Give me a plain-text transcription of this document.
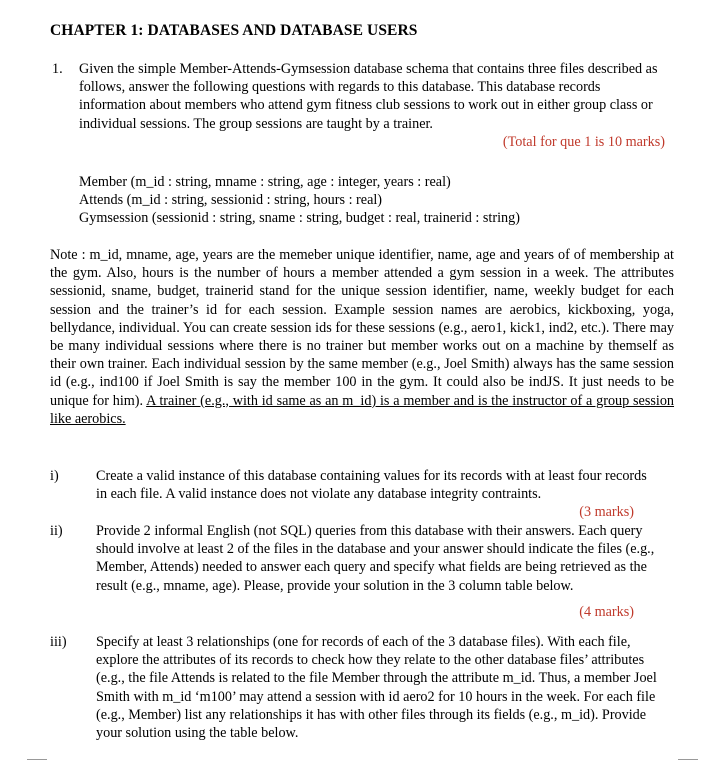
CHAPTER 1: DATABASES AND DATABASE USERS
1. Given the simple Member-Attends-Gymsession database schema that contains three files described as follows, answer the following questions with regards to this database. This database records information about members who attend gym fitness club sessions to work out in either group class or individual sessions. The group sessions are taught by a trainer.
(Total for que 1 is 10 marks)
Member (m_id : string, mname : string, age : integer, years : real)
Attends (m_id : string, sessionid : string, hours : real)
Gymsession (sessionid : string, sname : string, budget : real, trainerid : string)
Note : m_id, mname, age, years are the memeber unique identifier, name, age and years of of membership at the gym. Also, hours is the number of hours a member attended a gym session in a week. The attributes sessionid, sname, budget, trainerid stand for the unique session identifier, name, weekly budget for each session and the trainer’s id for each session. Example session names are aerobics, kickboxing, yoga, bellydance, individual. You can create session ids for these sessions (e.g., aero1, kick1, ind2, etc.). There may be many individual sessions where there is no trainer but member works out on a machine by themself as their own trainer. Each individual session by the same member (e.g., Joel Smith) always has the same session id (e.g., ind100 if Joel Smith is say the member 100 in the gym. It could also be indJS. It just needs to be unique for him). A trainer (e.g., with id same as an m_id) is a member and is the instructor of a group session like aerobics.
i)	Create a valid instance of this database containing values for its records with at least four records in each file. A valid instance does not violate any database integrity contraints.
(3 marks)
ii) Provide 2 informal English (not SQL) queries from this database with their answers. Each query should involve at least 2 of the files in the database and your answer should indicate the files (e.g., Member, Attends) needed to answer each query and specify what fields are being retrieved as the result (e.g., mname, age). Please, provide your solution in the 3 column table below.
(4 marks)
iii) Specify at least 3 relationships (one for records of each of the 3 database files). With each file, explore the attributes of its records to check how they relate to the other database files’ attributes (e.g., the file Attends is related to the file Member through the attribute m_id. Thus, a member Joel Smith with m_id ‘m100’ may attend a session with id aero2 for 10 hours in the week. For each file (e.g., Member) list any relationships it has with other files through its fields (e.g., m_id). Provide your solution using the table below.
